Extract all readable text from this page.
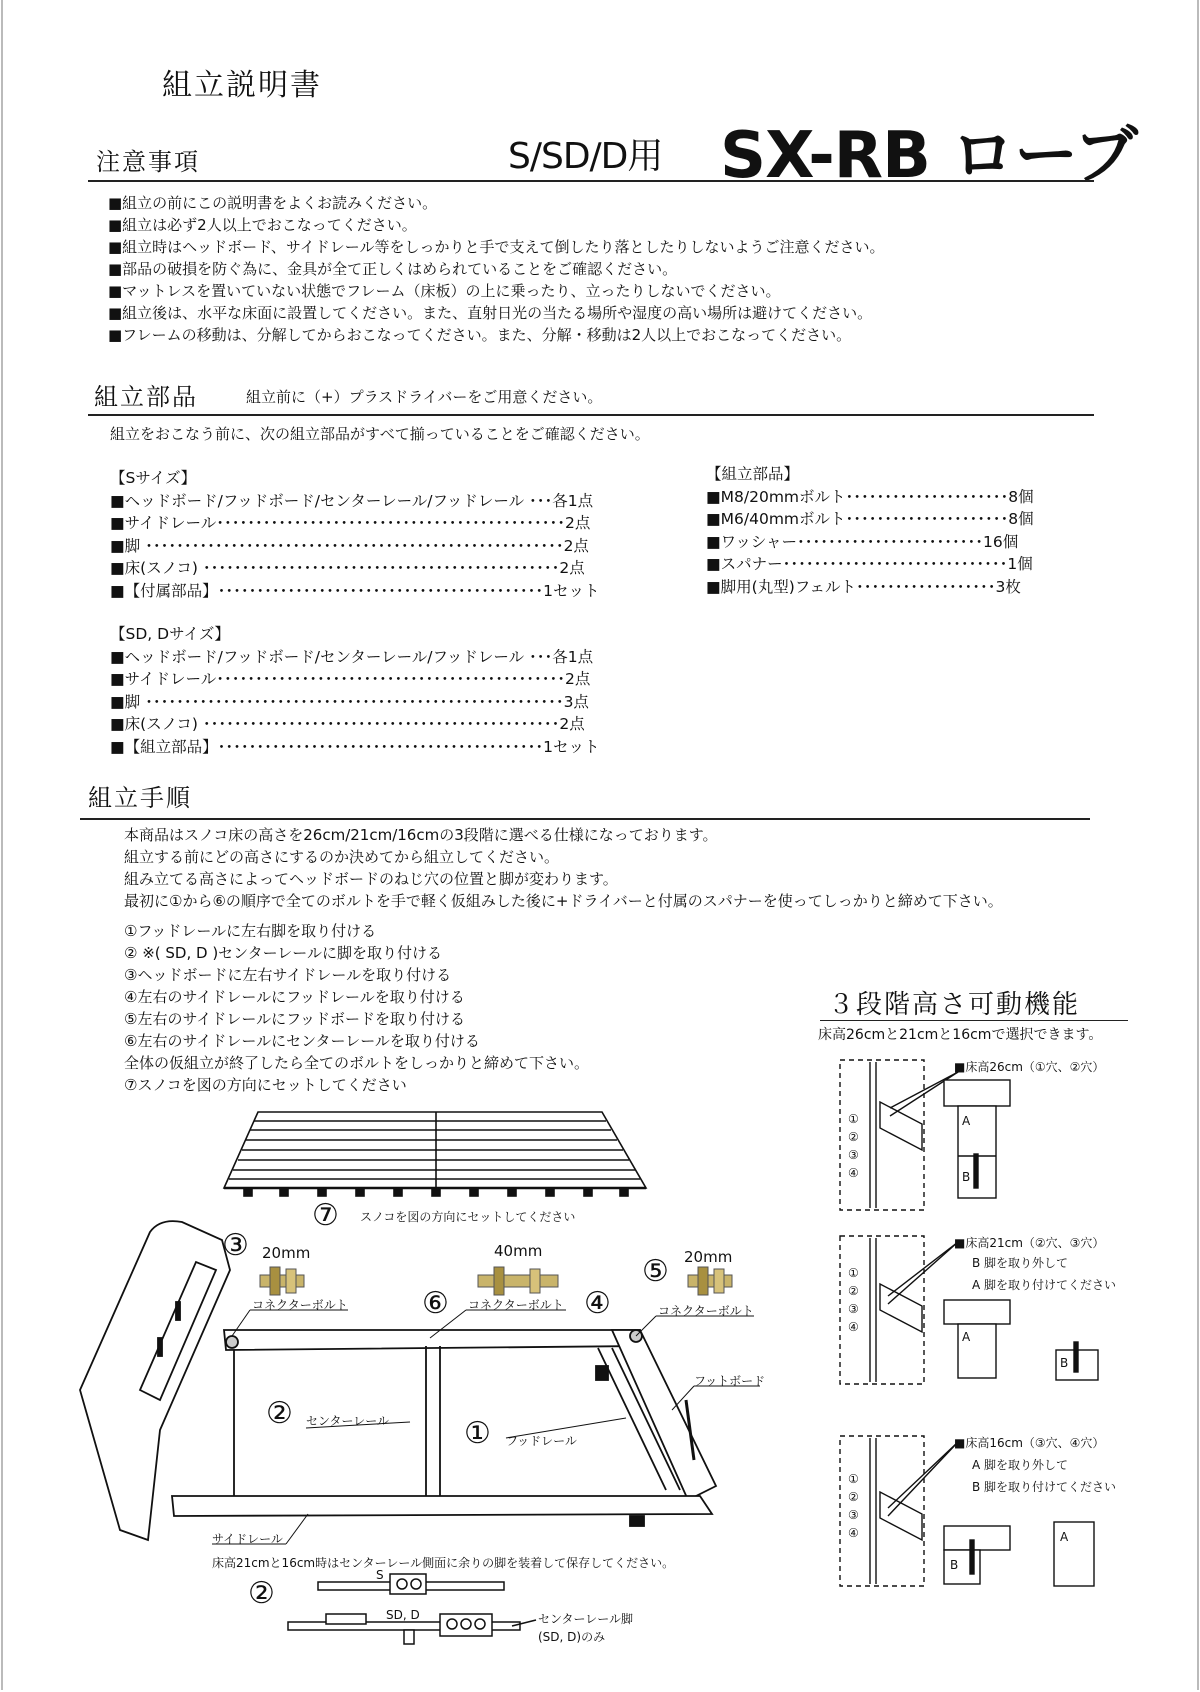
組立説明書
S/SD/D用 SX-RB ローブ
注意事項
■組立の前にこの説明書をよくお読みください。
■組立は必ず2人以上でおこなってください。
■組立時はヘッドボード、サイドレール等をしっかりと手で支えて倒したり落としたりしないようご注意ください。
■部品の破損を防ぐ為に、金具が全て正しくはめられていることをご確認ください。
■マットレスを置いていない状態でフレーム（床板）の上に乗ったり、立ったりしないでください。
■組立後は、水平な床面に設置してください。また、直射日光の当たる場所や湿度の高い場所は避けてください。
■フレームの移動は、分解してからおこなってください。また、分解・移動は2人以上でおこなってください。
組立部品	組立前に（+）プラスドライバーをご用意ください。
組立をおこなう前に、次の組立部品がすべて揃っていることをご確認ください。
【Sサイズ】
■ヘッドボード/フッドボード/センターレール/フッドレール ･･･各1点
■サイドレール･････････････････････････････････････････････2点
■脚 ･･････････････････････････････････････････････････････2点
■床(スノコ) ･･････････････････････････････････････････････2点
■【付属部品】･･････････････････････････････････････････1セット
【SD, Dサイズ】
■ヘッドボード/フッドボード/センターレール/フッドレール ･･･各1点
■サイドレール･････････････････････････････････････････････2点
■脚 ･･････････････････････････････････････････････････････3点
■床(スノコ) ･･････････････････････････････････････････････2点
■【組立部品】･･････････････････････････････････････････1セット
【組立部品】
■M8/20mmボルト･････････････････････8個
■M6/40mmボルト･････････････････････8個
■ワッシャー････････････････････････16個
■スパナー･････････････････････････････1個
■脚用(丸型)フェルト･･････････････････3枚
組立手順
本商品はスノコ床の高さを26cm/21cm/16cmの3段階に選べる仕様になっております。
組立する前にどの高さにするのか決めてから組立してください。
組み立てる高さによってヘッドボードのねじ穴の位置と脚が変わります。
最初に①から⑥の順序で全てのボルトを手で軽く仮組みした後に+ドライバーと付属のスパナーを使ってしっかりと締めて下さい。
①フッドレールに左右脚を取り付ける
② ※( SD, D )センターレールに脚を取り付ける
③ヘッドボードに左右サイドレールを取り付ける
④左右のサイドレールにフッドレールを取り付ける
⑤左右のサイドレールにフッドボードを取り付ける
⑥左右のサイドレールにセンターレールを取り付ける
全体の仮組立が終了したら全てのボルトをしっかりと締めて下さい。
⑦スノコを図の方向にセットしてください
⑦ スノコを図の方向にセットしてください
③ 20mm	40mm
⑤ 20mm
コネクターボルト ⑥ コネクターボルト ④	コネクターボルト
フットボード
② センターレール ① フッドレール
サイドレール
床高21cmと16cm時はセンターレール側面に余りの脚を装着して保存してください。
②
S
SD, D	センターレール脚
(SD, D)のみ
３段階高さ可動機能
床高26cmと21cmと16cmで選択できます。
①
②
③
④
①
②
③
④
①
②
③
④
■床高26cm（①穴、②穴）
A
B
■床高21cm（②穴、③穴）
B 脚を取り外して
A 脚を取り付けてください
A
B
■床高16cm（③穴、④穴）
A 脚を取り外して
B 脚を取り付けてください
B
A
